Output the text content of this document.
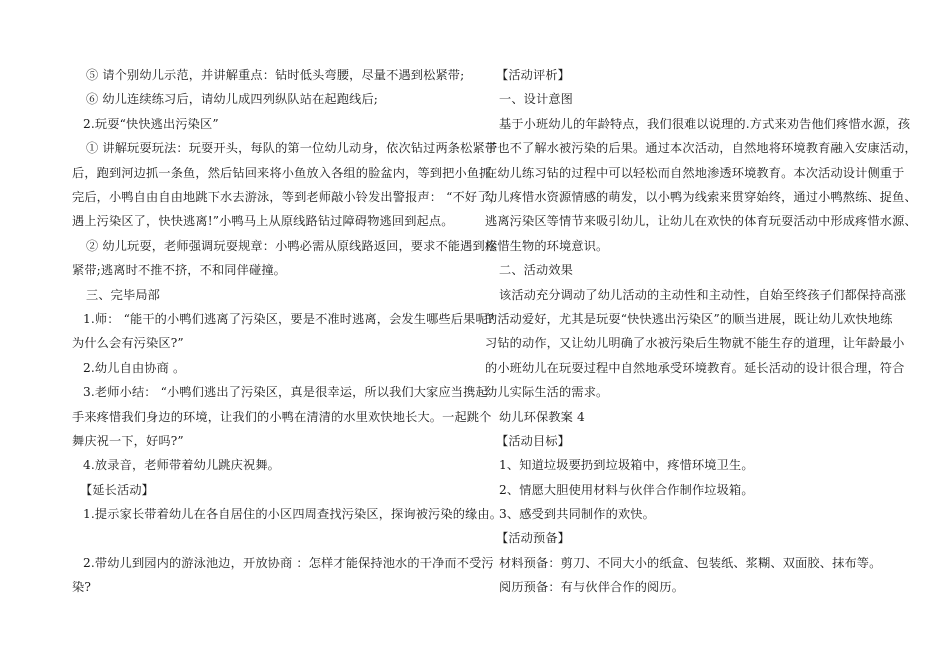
⑤ 请个别幼儿示范，并讲解重点：钻时低头弯腰，尽量不遇到松紧带;
⑥ 幼儿连续练习后，请幼儿成四列纵队站在起跑线后;
2.玩耍“快快逃出污染区”
① 讲解玩耍玩法：玩耍开头，每队的第一位幼儿动身，依次钻过两条松紧带
后，跑到河边抓一条鱼，然后钻回来将小鱼放入各组的脸盆内，等到把小鱼抓
完后，小鸭自由自由地跳下水去游泳，等到老师敲小铃发出警报声： “不好了，
遇上污染区了，快快逃离!”小鸭马上从原线路钻过障碍物逃回到起点。
② 幼儿玩耍，老师强调玩耍规章：小鸭必需从原线路返回，要求不能遇到松
紧带;逃离时不推不挤，不和同伴碰撞。
三、完毕局部
1.师： “能干的小鸭们逃离了污染区，要是不准时逃离，会发生哪些后果呢?
为什么会有污染区?”
2.幼儿自由协商 。
3.老师小结： “小鸭们逃出了污染区，真是很幸运，所以我们大家应当携起
手来疼惜我们身边的环境，让我们的小鸭在清清的水里欢快地长大。一起跳个
舞庆祝一下，好吗?”
4.放录音，老师带着幼儿跳庆祝舞。
【延长活动】
1.提示家长带着幼儿在各自居住的小区四周查找污染区，探询被污染的缘由。
2.带幼儿到园内的游泳池边，开放协商 ：怎样才能保持池水的干净而不受污
染?
【活动评析】
一、设计意图
基于小班幼儿的年龄特点，我们很难以说理的.方式来劝告他们疼惜水源，孩
子也不了解水被污染的后果。通过本次活动，自然地将环境教育融入安康活动，
在幼儿练习钻的过程中可以轻松而自然地渗透环境教育。本次活动设计侧重于
幼儿疼惜水资源情感的萌发，以小鸭为线索来贯穿始终，通过小鸭熬练、捉鱼、
逃离污染区等情节来吸引幼儿，让幼儿在欢快的体育玩耍活动中形成疼惜水源、
疼惜生物的环境意识。
二、活动效果
该活动充分调动了幼儿活动的主动性和主动性，自始至终孩子们都保持高涨
的活动爱好，尤其是玩耍“快快逃出污染区”的顺当进展，既让幼儿欢快地练
习钻的动作，又让幼儿明确了水被污染后生物就不能生存的道理，让年龄最小
的小班幼儿在玩耍过程中自然地承受环境教育。延长活动的设计很合理，符合
幼儿实际生活的需求。
幼儿环保教案 4
【活动目标】
1、知道垃圾要扔到垃圾箱中，疼惜环境卫生。
2、情愿大胆使用材料与伙伴合作制作垃圾箱。
3、感受到共同制作的欢快。
【活动预备】
材料预备：剪刀、不同大小的纸盒、包装纸、浆糊、双面胶、抹布等。
阅历预备：有与伙伴合作的阅历。
